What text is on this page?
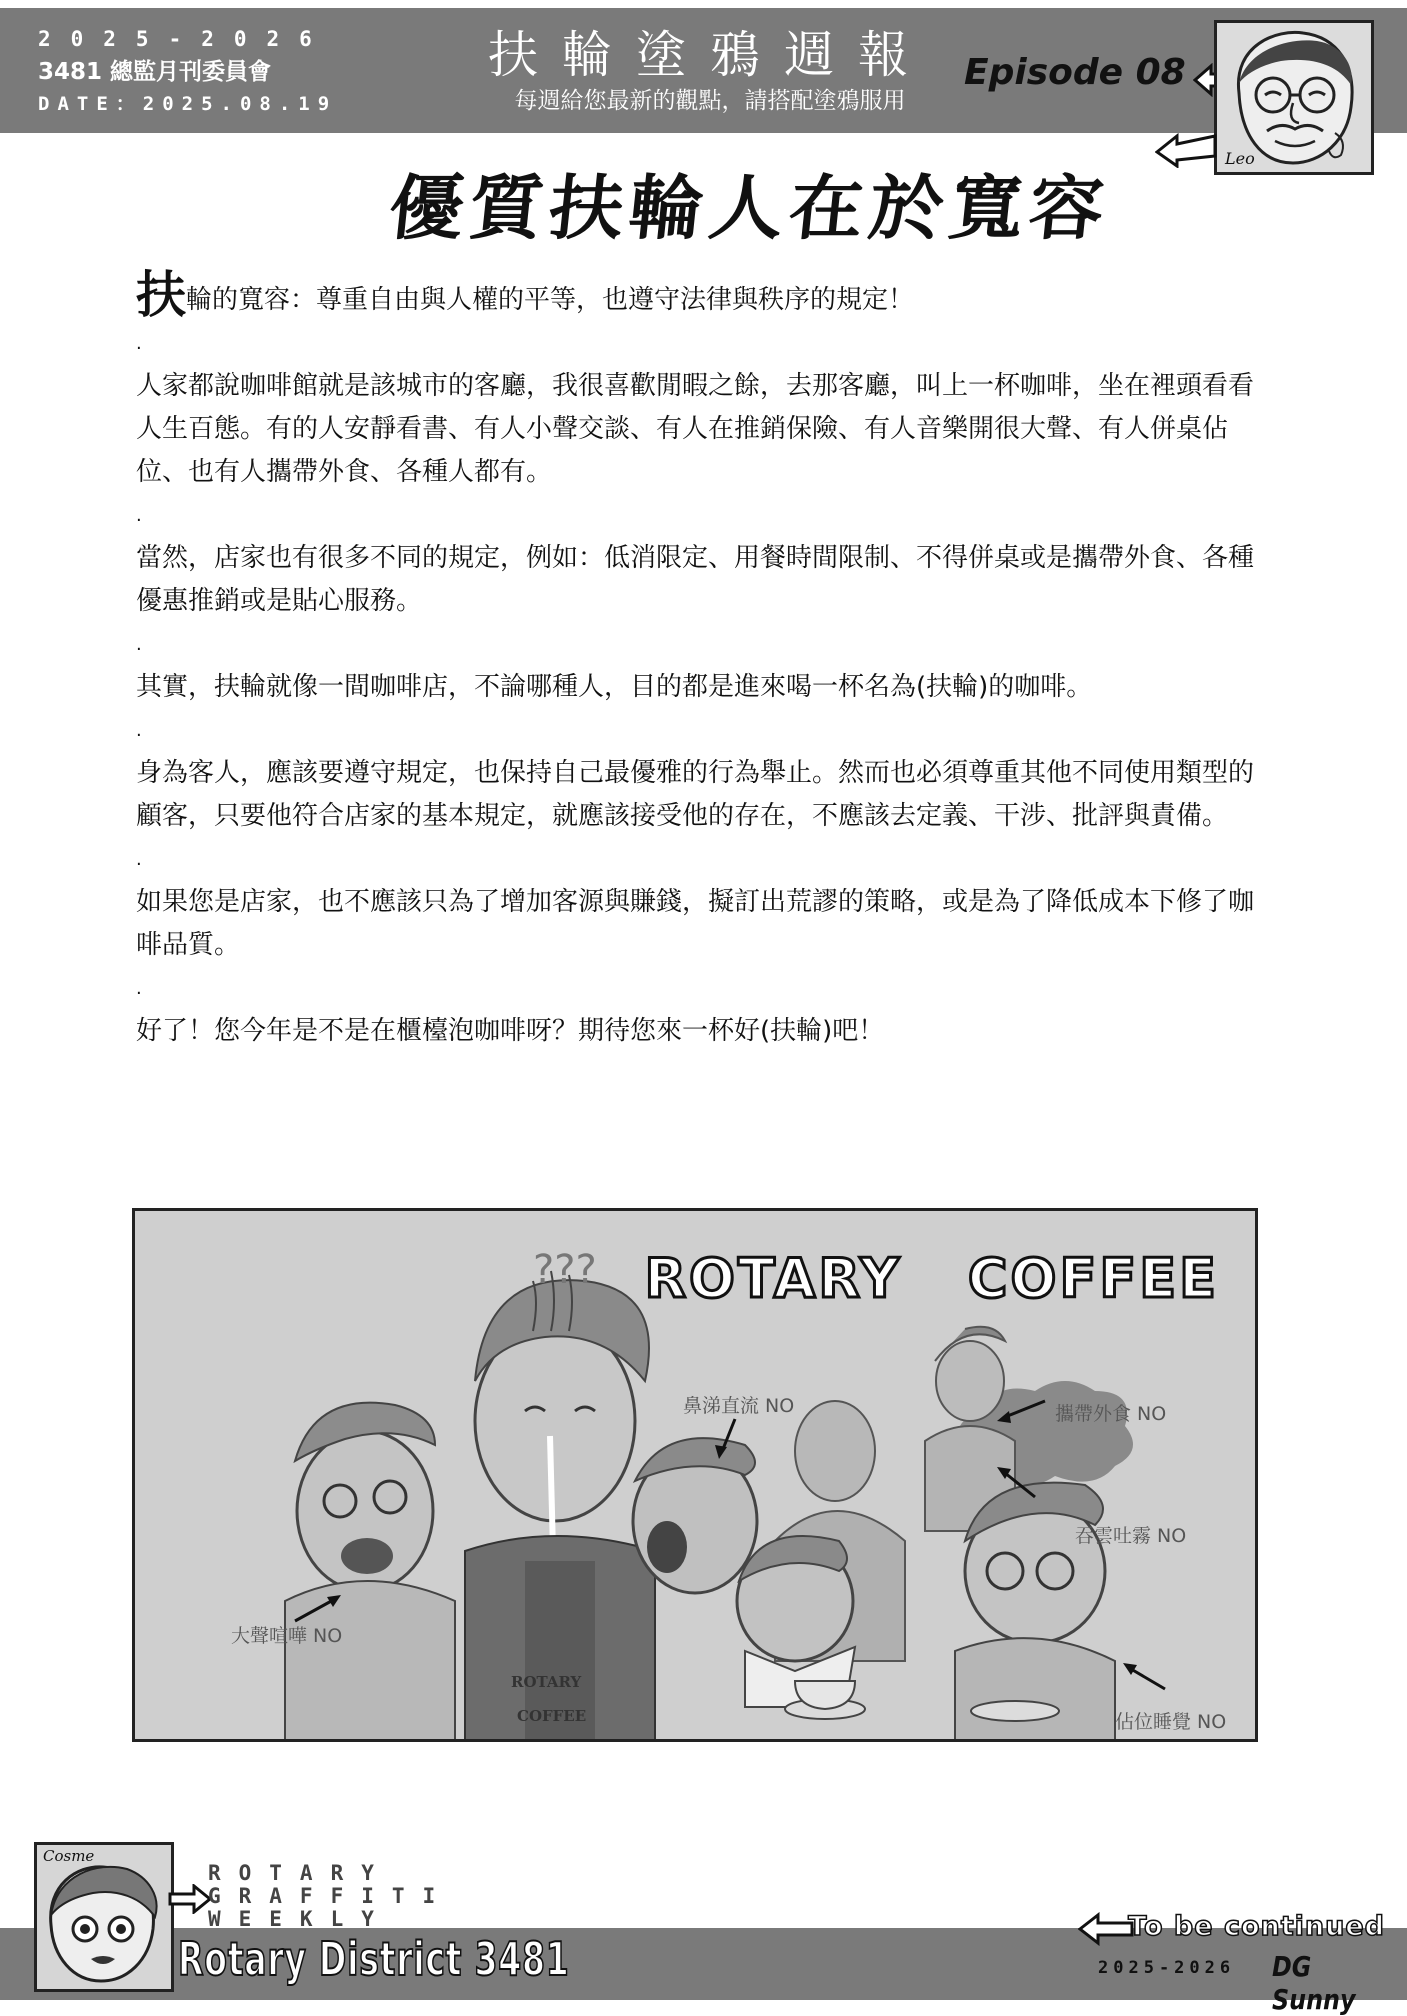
2025-2026
3481 總監月刊委員會
DATE：2025.08.19
扶輪塗鴉週報
每週給您最新的觀點，請搭配塗鴉服用
Episode 08
Leo
優質扶輪人在於寬容

扶輪的寬容：尊重自由與人權的平等，也遵守法律與秩序的規定！

.

人家都說咖啡館就是該城市的客廳，我很喜歡閒暇之餘，去那客廳，叫上一杯咖啡，坐在裡頭看看人生百態。有的人安靜看書、有人小聲交談、有人在推銷保險、有人音樂開很大聲、有人併桌佔位、也有人攜帶外食、各種人都有。

.

當然，店家也有很多不同的規定，例如：低消限定、用餐時間限制、不得併桌或是攜帶外食、各種優惠推銷或是貼心服務。

.

其實，扶輪就像一間咖啡店，不論哪種人，目的都是進來喝一杯名為(扶輪)的咖啡。

.

身為客人，應該要遵守規定，也保持自己最優雅的行為舉止。然而也必須尊重其他不同使用類型的顧客，只要他符合店家的基本規定，就應該接受他的存在，不應該去定義、干涉、批評與責備。

.

如果您是店家，也不應該只為了增加客源與賺錢，擬訂出荒謬的策略，或是為了降低成本下修了咖啡品質。

.

好了！您今年是不是在櫃檯泡咖啡呀？期待您來一杯好(扶輪)吧！

??? ROTARY COFFEE
ROTARY
COFFEE
大聲喧嘩 NO
鼻涕直流 NO	攜帶外食 NO
吞雲吐霧 NO
佔位睡覺 NO
Cosme
ROTARY
GRAFFITI
WEEKLY
Rotary District 3481
To be continued
2025-2026 DG Sunny
